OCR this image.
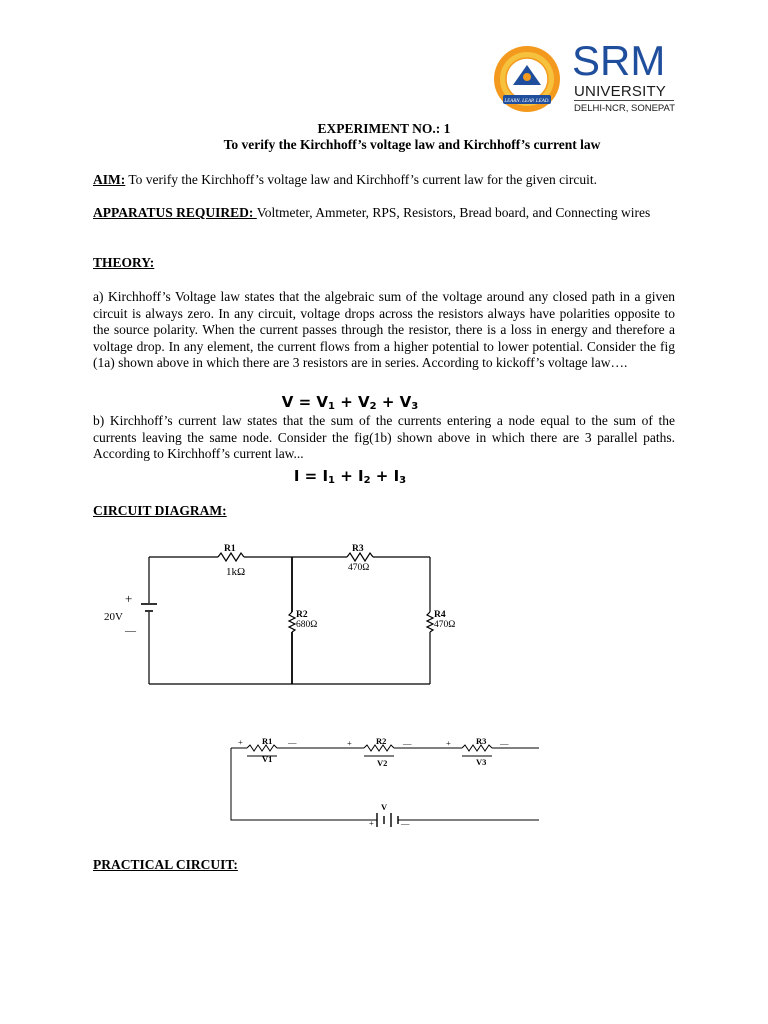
LEARN. LEAP. LEAD.
SRM
UNIVERSITY
DELHI-NCR, SONEPAT
EXPERIMENT NO.: 1
To verify the Kirchhoff’s voltage law and Kirchhoff’s current law
AIM: To verify the Kirchhoff’s voltage law and Kirchhoff’s current law for the given circuit.
APPARATUS REQUIRED: Voltmeter, Ammeter, RPS, Resistors, Bread board, and Connecting wires
THEORY:
a) Kirchhoff’s Voltage law states that the algebraic sum of the voltage around any closed path in a given circuit is always zero. In any circuit, voltage drops across the resistors always have polarities opposite to the source polarity. When the current passes through the resistor, there is a loss in energy and therefore a voltage drop. In any element, the current flows from a higher potential to lower potential. Consider the fig (1a) shown above in which there are 3 resistors are in series. According to kickoff’s voltage law….
$V = V_1 + V_2 + V_3$
b) Kirchhoff’s current law states that the sum of the currents entering a node equal to the sum of the currents leaving the same node. Consider the fig(1b) shown above in which there are 3 parallel paths. According to Kirchhoff’s current law...
$I = I_1 + I_2 + I_3$
CIRCUIT DIAGRAM:
+
20V
—
R1
1kΩ
R3
470Ω
R2
680Ω
R4
470Ω
+ R1 —
V1
+	R2 —
V2
+	R3 —
V3
V
+	—
PRACTICAL CIRCUIT:
